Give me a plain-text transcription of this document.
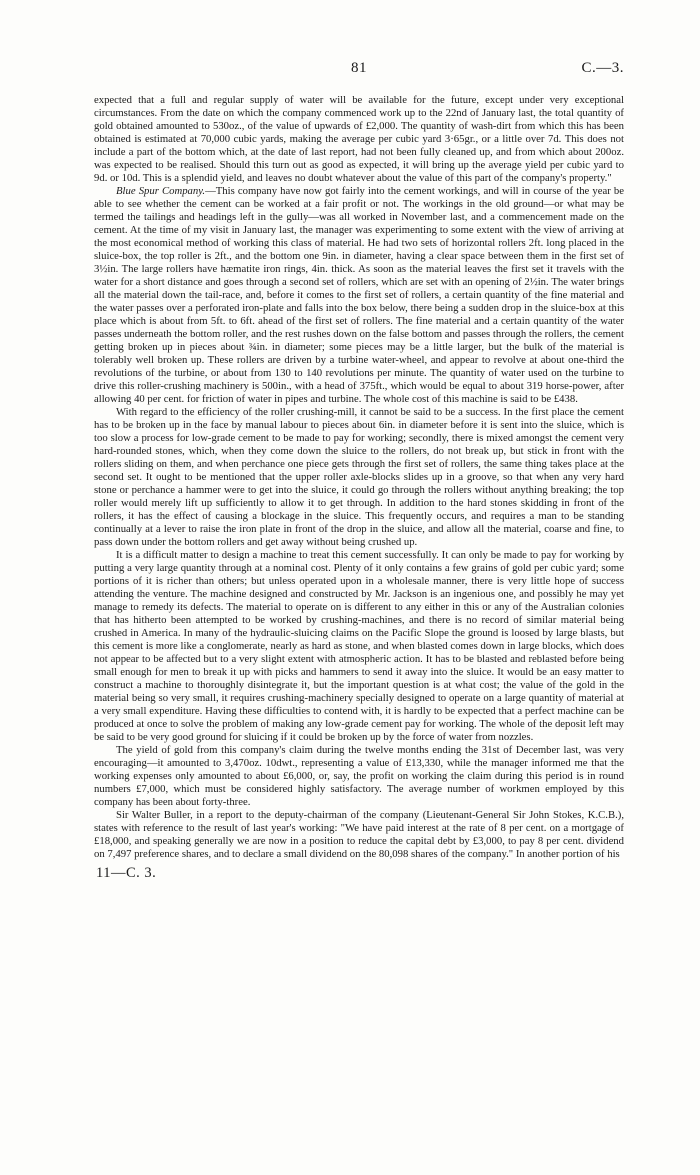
81	C.—3.

expected that a full and regular supply of water will be available for the future, except under very exceptional circumstances. From the date on which the company commenced work up to the 22nd of January last, the total quantity of gold obtained amounted to 530oz., of the value of upwards of £2,000. The quantity of wash-dirt from which this has been obtained is estimated at 70,000 cubic yards, making the average per cubic yard 3·65gr., or a little over 7d. This does not include a part of the bottom which, at the date of last report, had not been fully cleaned up, and from which about 200oz. was expected to be realised. Should this turn out as good as expected, it will bring up the average yield per cubic yard to 9d. or 10d. This is a splendid yield, and leaves no doubt whatever about the value of this part of the company's property."

Blue Spur Company.—This company have now got fairly into the cement workings, and will in course of the year be able to see whether the cement can be worked at a fair profit or not. The workings in the old ground—or what may be termed the tailings and headings left in the gully—was all worked in November last, and a commencement made on the cement. At the time of my visit in January last, the manager was experimenting to some extent with the view of arriving at the most economical method of working this class of material. He had two sets of horizontal rollers 2ft. long placed in the sluice-box, the top roller is 2ft., and the bottom one 9in. in diameter, having a clear space between them in the first set of 3½in. The large rollers have hæmatite iron rings, 4in. thick. As soon as the material leaves the first set it travels with the water for a short distance and goes through a second set of rollers, which are set with an opening of 2½in. The water brings all the material down the tail-race, and, before it comes to the first set of rollers, a certain quantity of the fine material and the water passes over a perforated iron-plate and falls into the box below, there being a sudden drop in the sluice-box at this place which is about from 5ft. to 6ft. ahead of the first set of rollers. The fine material and a certain quantity of the water passes underneath the bottom roller, and the rest rushes down on the false bottom and passes through the rollers, the cement getting broken up in pieces about ¾in. in diameter; some pieces may be a little larger, but the bulk of the material is tolerably well broken up. These rollers are driven by a turbine water-wheel, and appear to revolve at about one-third the revolutions of the turbine, or about from 130 to 140 revolutions per minute. The quantity of water used on the turbine to drive this roller-crushing machinery is 500in., with a head of 375ft., which would be equal to about 319 horse-power, after allowing 40 per cent. for friction of water in pipes and turbine. The whole cost of this machine is said to be £438.

With regard to the efficiency of the roller crushing-mill, it cannot be said to be a success. In the first place the cement has to be broken up in the face by manual labour to pieces about 6in. in diameter before it is sent into the sluice, which is too slow a process for low-grade cement to be made to pay for working; secondly, there is mixed amongst the cement very hard-rounded stones, which, when they come down the sluice to the rollers, do not break up, but stick in front with the rollers sliding on them, and when perchance one piece gets through the first set of rollers, the same thing takes place at the second set. It ought to be mentioned that the upper roller axle-blocks slides up in a groove, so that when any very hard stone or perchance a hammer were to get into the sluice, it could go through the rollers without anything breaking; the top roller would merely lift up sufficiently to allow it to get through. In addition to the hard stones skidding in front of the rollers, it has the effect of causing a blockage in the sluice. This frequently occurs, and requires a man to be standing continually at a lever to raise the iron plate in front of the drop in the sluice, and allow all the material, coarse and fine, to pass down under the bottom rollers and get away without being crushed up.

It is a difficult matter to design a machine to treat this cement successfully. It can only be made to pay for working by putting a very large quantity through at a nominal cost. Plenty of it only contains a few grains of gold per cubic yard; some portions of it is richer than others; but unless operated upon in a wholesale manner, there is very little hope of success attending the venture. The machine designed and constructed by Mr. Jackson is an ingenious one, and possibly he may yet manage to remedy its defects. The material to operate on is different to any either in this or any of the Australian colonies that has hitherto been attempted to be worked by crushing-machines, and there is no record of similar material being crushed in America. In many of the hydraulic-sluicing claims on the Pacific Slope the ground is loosed by large blasts, but this cement is more like a conglomerate, nearly as hard as stone, and when blasted comes down in large blocks, which does not appear to be affected but to a very slight extent with atmospheric action. It has to be blasted and reblasted before being small enough for men to break it up with picks and hammers to send it away into the sluice. It would be an easy matter to construct a machine to thoroughly disintegrate it, but the important question is at what cost; the value of the gold in the material being so very small, it requires crushing-machinery specially designed to operate on a large quantity of material at a very small expenditure. Having these difficulties to contend with, it is hardly to be expected that a perfect machine can be produced at once to solve the problem of making any low-grade cement pay for working. The whole of the deposit left may be said to be very good ground for sluicing if it could be broken up by the force of water from nozzles.

The yield of gold from this company's claim during the twelve months ending the 31st of December last, was very encouraging—it amounted to 3,470oz. 10dwt., representing a value of £13,330, while the manager informed me that the working expenses only amounted to about £6,000, or, say, the profit on working the claim during this period is in round numbers £7,000, which must be considered highly satisfactory. The average number of workmen employed by this company has been about forty-three.

Sir Walter Buller, in a report to the deputy-chairman of the company (Lieutenant-General Sir John Stokes, K.C.B.), states with reference to the result of last year's working: "We have paid interest at the rate of 8 per cent. on a mortgage of £18,000, and speaking generally we are now in a position to reduce the capital debt by £3,000, to pay 8 per cent. dividend on 7,497 preference shares, and to declare a small dividend on the 80,098 shares of the company." In another portion of his

11—C. 3.
